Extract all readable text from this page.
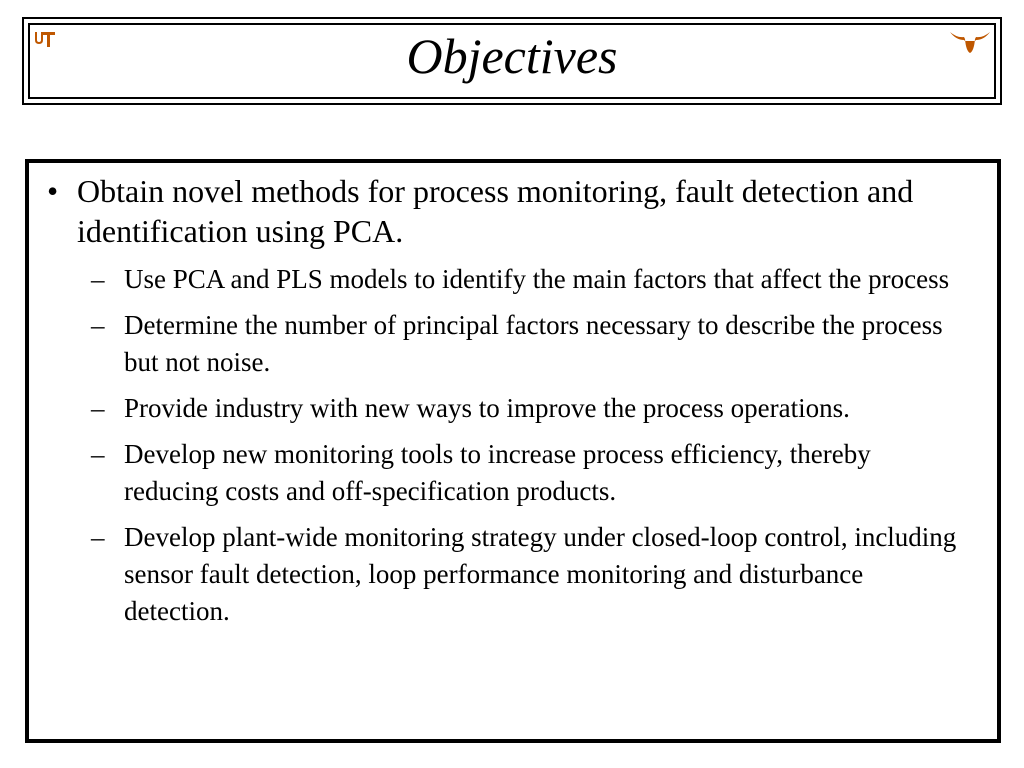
Objectives
• Obtain novel methods for process monitoring, fault detection and identification using PCA.
– Use PCA and PLS models to identify the main factors that affect the process
– Determine the number of principal factors necessary to describe the process but not noise.
– Provide industry with new ways to improve the process operations.
– Develop new monitoring tools to increase process efficiency, thereby reducing costs and off-specification products.
– Develop plant-wide monitoring strategy under closed-loop control, including sensor fault detection, loop performance monitoring and disturbance detection.
